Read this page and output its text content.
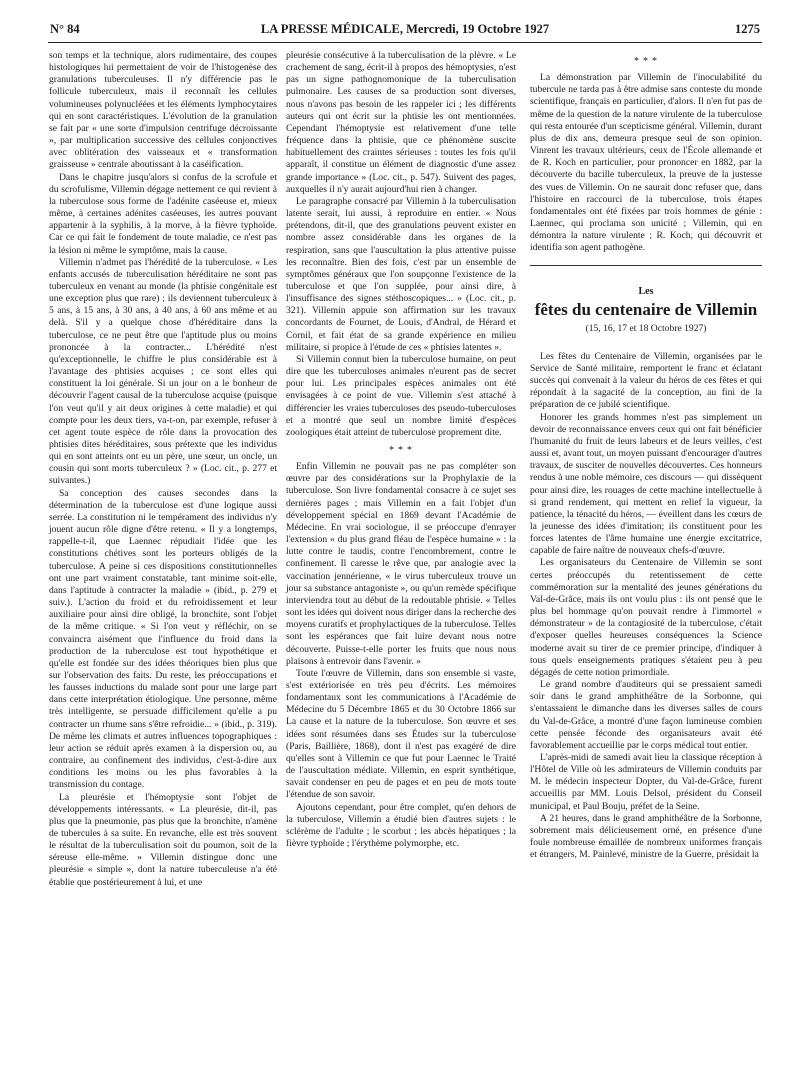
N° 84	LA PRESSE MÉDICALE, Mercredi, 19 Octobre 1927	1275

son temps et la technique, alors rudimentaire, des coupes histologiques lui permettaient de voir de l'histogenèse des granulations tuberculeuses. Il n'y différencie pas le follicule tuberculeux, mais il reconnaît les cellules volumineuses polynucléées et les éléments lymphocytaires qui en sont caractéristiques. L'évolution de la granulation se fait par « une sorte d'impulsion centrifuge décroissante », par multiplication successive des cellules conjonctives avec oblitération des vaisseaux et « transformation graisseuse » centrale aboutissant à la caséification.

Dans le chapitre jusqu'alors si confus de la scrofule et du scrofulisme, Villemin dégage nettement ce qui revient à la tuberculose sous forme de l'adénite caséeuse et, mieux même, à certaines adénites caséeuses, les autres pouvant appartenir à la syphilis, à la morve, à la fièvre typhoïde. Car ce qui fait le fondement de toute maladie, ce n'est pas la lésion ni même le symptôme, mais la cause.

Villemin n'admet pas l'hérédité de la tuberculose. « Les enfants accusés de tuberculisation héréditaire ne sont pas tuberculeux en venant au monde (la phtisie congénitale est une exception plus que rare) ; ils deviennent tuberculeux à 5 ans, à 15 ans, à 30 ans, à 40 ans, à 60 ans même et au delà. S'il y a quelque chose d'héréditaire dans la tuberculose, ce ne peut être que l'aptitude plus ou moins prononcée à la contracter... L'hérédité n'est qu'exceptionnelle, le chiffre le plus considérable est à l'avantage des phtisies acquises ; ce sont elles qui constituent la loi générale. Si un jour on a le bonheur de découvrir l'agent causal de la tuberculose acquise (puisque l'on veut qu'il y ait deux origines à cette maladie) et qui compte pour les deux tiers, va-t-on, par exemple, refuser à cet agent toute espèce de rôle dans la provocation des phtisies dites héréditaires, sous prétexte que les individus qui en sont atteints ont eu un père, une sœur, un oncle, un cousin qui sont morts tuberculeux ? » (Loc. cit., p. 277 et suivantes.)

Sa conception des causes secondes dans la détermination de la tuberculose est d'une logique aussi serrée. La constitution ni le tempérament des individus n'y jouent aucun rôle digne d'être retenu. « Il y a longtemps, rappelle-t-il, que Laennec répudiait l'idée que les constitutions chétives sont les porteurs obligés de la tuberculose. A peine si ces dispositions constitutionnelles ont une part vraiment constatable, tant minime soit-elle, dans l'aptitude à contracter la maladie » (ibid., p. 279 et suiv.). L'action du froid et du refroidissement et leur auxiliaire pour ainsi dire obligé, la bronchite, sont l'objet de la même critique. « Si l'on veut y réfléchir, on se convaincra aisément que l'influence du froid dans la production de la tuberculose est tout hypothétique et qu'elle est fondée sur des idées théoriques bien plus que sur l'observation des faits. Du reste, les préoccupations et les fausses inductions du malade sont pour une large part dans cette interprétation étiologique. Une personne, même très intelligente, se persuade difficilement qu'elle a pu contracter un rhume sans s'être refroidie... » (ibid., p. 319). De même les climats et autres influences topographiques : leur action se réduit après examen à la dispersion ou, au contraire, au confinement des individus, c'est-à-dire aux conditions les moins ou les plus favorables à la transmission du contage.

La pleurésie et l'hémoptysie sont l'objet de développements intéressants. « La pleurésie, dit-il, pas plus que la pneumonie, pas plus que la bronchite, n'amène de tubercules à sa suite. En revanche, elle est très souvent le résultat de la tuberculisation soit du poumon, soit de la séreuse elle-même. » Villemin distingue donc une pleurésie « simple », dont la nature tuberculeuse n'a été établie que postérieurement à lui, et une

pleurésie consécutive à la tuberculisation de la plèvre. « Le crachement de sang, écrit-il à propos des hémoptysies, n'est pas un signe pathognomonique de la tuberculisation pulmonaire. Les causes de sa production sont diverses, nous n'avons pas besoin de les rappeler ici ; les différents auteurs qui ont écrit sur la phtisie les ont mentionnées. Cependant l'hémoptysie est relativement d'une telle fréquence dans la phtisie, que ce phénomène suscite habituellement des craintes sérieuses : toutes les fois qu'il apparaît, il constitue un élément de diagnostic d'une assez grande importance » (Loc. cit., p. 547). Suivent des pages, auxquelles il n'y aurait aujourd'hui rien à changer.

Le paragraphe consacré par Villemin à la tuberculisation latente serait, lui aussi, à reproduire en entier. « Nous prétendons, dit-il, que des granulations peuvent exister en nombre assez considérable dans les organes de la respiration, sans que l'auscultation la plus attentive puisse les reconnaître. Bien des fois, c'est par un ensemble de symptômes généraux que l'on soupçonne l'existence de la tuberculose et que l'on supplée, pour ainsi dire, à l'insuffisance des signes stéthoscopiques... » (Loc. cit., p. 321). Villemin appuie son affirmation sur les travaux concordants de Fournet, de Louis, d'Andral, de Hérard et Cornil, et fait état de sa grande expérience en milieu militaire, si propice à l'étude de ces « phtisies latentes ».

Si Villemin connut bien la tuberculose humaine, on peut dire que les tuberculoses animales n'eurent pas de secret pour lui. Les principales espèces animales ont été envisagées à ce point de vue. Villemin s'est attaché à différencier les vraies tuberculoses des pseudo-tuberculoses et a montré que seul un nombre limité d'espèces zoologiques était atteint de tuberculose proprement dite.

* * *

Enfin Villemin ne pouvait pas ne pas compléter son œuvre par des considérations sur la Prophylaxie de la tuberculose. Son livre fondamental consacre à ce sujet ses dernières pages ; mais Villemin en a fait l'objet d'un développement spécial en 1869 devant l'Académie de Médecine. En vrai sociologue, il se préoccupe d'enrayer l'extension « du plus grand fléau de l'espèce humaine » : la lutte contre le taudis, contre l'encombrement, contre le confinement. Il caresse le rêve que, par analogie avec la vaccination jennérienne, « le virus tuberculeux trouve un jour sa substance antagoniste », ou qu'un remède spécifique interviendra tout au début de la redoutable phtisie. « Telles sont les idées qui doivent nous diriger dans la recherche des moyens curatifs et prophylactiques de la tuberculose. Telles sont les espérances que fait luire devant nous notre découverte. Puisse-t-elle porter les fruits que nous nous plaisons à entrevoir dans l'avenir. »

Toute l'œuvre de Villemin, dans son ensemble si vaste, s'est extériorisée en très peu d'écrits. Les mémoires fondamentaux sont les communications à l'Académie de Médecine du 5 Décembre 1865 et du 30 Octobre 1866 sur La cause et la nature de la tuberculose. Son œuvre et ses idées sont résumées dans ses Études sur la tuberculose (Paris, Baillière, 1868), dont il n'est pas exagéré de dire qu'elles sont à Villemin ce que fut pour Laennec le Traité de l'auscultation médiate. Villemin, en esprit synthétique, savait condenser en peu de pages et en peu de mots toute l'étendue de son savoir.

Ajoutons cependant, pour être complet, qu'en dehors de la tuberculose, Villemin a étudié bien d'autres sujets : le sclérème de l'adulte ; le scorbut ; les abcès hépatiques ; la fièvre typhoïde ; l'érythème polymorphe, etc.

* * *

La démonstration par Villemin de l'inoculabilité du tubercule ne tarda pas à être admise sans conteste du monde scientifique, français en particulier, d'alors. Il n'en fut pas de même de la question de la nature virulente de la tuberculose qui resta entourée d'un scepticisme général. Villemin, durant plus de dix ans, demeura presque seul de son opinion. Vinrent les travaux ultérieurs, ceux de l'École allemande et de R. Koch en particulier, pour prononcer en 1882, par la découverte du bacille tuberculeux, la preuve de la justesse des vues de Villemin. On ne saurait donc refuser que, dans l'histoire en raccourci de la tuberculose, trois étapes fondamentales ont été fixées par trois hommes de génie : Laennec, qui proclama son unicité ; Villemin, qui en démontra la nature virulente ; R. Koch, qui découvrit et identifia son agent pathogène.

Les
fêtes du centenaire de Villemin
(15, 16, 17 et 18 Octobre 1927)

Les fêtes du Centenaire de Villemin, organisées par le Service de Santé militaire, remportent le franc et éclatant succès qui convenait à la valeur du héros de ces fêtes et qui répondait à la sagacité de la conception, au fini de la préparation de ce jubilé scientifique.

Honorer les grands hommes n'est pas simplement un devoir de reconnaissance envers ceux qui ont fait bénéficier l'humanité du fruit de leurs labeurs et de leurs veilles, c'est aussi et, avant tout, un moyen puissant d'encourager d'autres travaux, de susciter de nouvelles découvertes. Ces honneurs rendus à une noble mémoire, ces discours — qui dissèquent pour ainsi dire, les rouages de cette machine intellectuelle à si grand rendement, qui mettent en relief la vigueur, la patience, la ténacité du héros, — éveillent dans les cœurs de la jeunesse des idées d'imitation; ils constituent pour les forces latentes de l'âme humaine une énergie excitatrice, capable de faire naître de nouveaux chefs-d'œuvre.

Les organisateurs du Centenaire de Villemin se sont certes préoccupés du retentissement de cette commémoration sur la mentalité des jeunes générations du Val-de-Grâce, mais ils ont voulu plus : ils ont pensé que le plus bel hommage qu'on pouvait rendre à l'immortel « démonstrateur » de la contagiosité de la tuberculose, c'était d'exposer quelles heureuses conséquences la Science moderne avait su tirer de ce premier principe, d'indiquer à tous quels enseignements pratiques s'étaient peu à peu dégagés de cette notion primordiale.

Le grand nombre d'auditeurs qui se pressaient samedi soir dans le grand amphithéâtre de la Sorbonne, qui s'entassaient le dimanche dans les diverses salles de cours du Val-de-Grâce, a montré d'une façon lumineuse combien cette pensée féconde des organisateurs avait été favorablement accueillie par le corps médical tout entier.

L'après-midi de samedi avait lieu la classique réception à l'Hôtel de Ville où les admirateurs de Villemin conduits par M. le médecin inspecteur Dopter, du Val-de-Grâce, furent accueillis par MM. Louis Delsol, président du Conseil municipal, et Paul Bouju, préfet de la Seine.

A 21 heures, dans le grand amphithéâtre de la Sorbonne, sobrement mais délicieusement orné, en présence d'une foule nombreuse émaillée de nombreux uniformes français et étrangers, M. Painlevé, ministre de la Guerre, présidait la
